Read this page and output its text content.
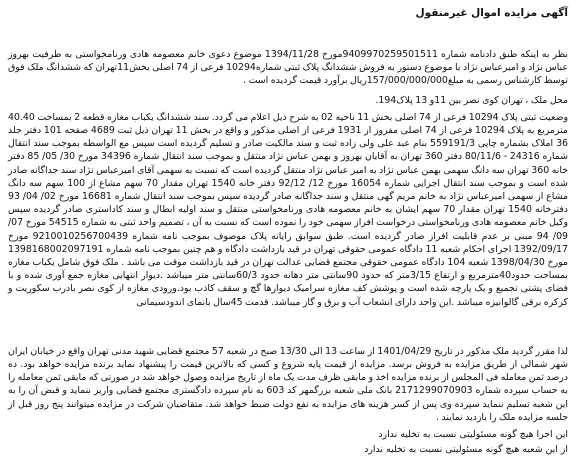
آگهی مزایده اموال غیرمنقول

نظر به اینکه طبق دادنامه شماره 9409970259501511مورخ 1394/11/28 موضوع دعوی خانم معصومه هادی ورنامخواستی به طرفیت بهروز عباس نژاد و امیرعباس نژاد با موضوع دستور به فروش ششدانگ پلاک ثبتی شماره10294 فرعی از 74 اصلی بخش11تهران که ششدانگ ملک فوق توسط کارشناس رسمی به مبلغ157/000/000/000ریال برآورد قیمت گردیده است .

محل ملک ، تهران کوی نصر بین 11و 13 پلاک194.

وضعیت ثبتی پلاک 10294 فرعی از 74 اصلی بخش 11 ناحیه 02 به شرح ذیل اعلام می گردد. سند ششدانگ یکباب مغازه قطعه 2 بمساحت 40.40 مترمربع به پلاک 10294 فرعی از 74 اصلی مفروز از 1931 فرعی از اصلی مذکور و واقع در بخش 11 تهران ذیل ثبت 4689 صفحه 101 دفتر جلد 36 املاک بشماره چاپی 559191/3 بنام عبد علی ولی زاده ثبت و سند مالکیت صادر و تسلیم گردیده است سپس مع الواسطه بموجب سند انتقال شماره 24316 - 80/11/6 دفتر 360 تهران به آقایان بهروز و بهمن عباس نژاد منتقل و بموجب سند انتقال شماره 34396 مورخ 30/ 05/ 85 دفتر خانه 360 تهران سه دانگ سهمی بهمن عباس نژاد به امیر عباس نژاد منتقل گردیده است که نسبت به سهمی آقای امیرعباس نژاد سند جداگانه صادر شده است و بموجب سند انتقال اجرایی شماره 16054 مورخ 12/ 92/12 دفتر خانه 1540 تهران مقدار 70 سهم مشاع از 100 سهم سه دانگ مشاع از سهمی امیرعباس نژاد به خانم مریم گهی منتقل و سند جداگانه صادر گردیده سپس بموجب سند انتقال شماره 16681 مورخ 02/ 04/ 93 دفترخانه 1540 تهران مقدار 70 سهم ایشان به خانم معصومه هادی ورنامخواستی منتقل و سند اولیه ابطال و سند کاداستری صادر گردیده سپس وکیل خانم معصومه هادی ورنامخواستی درخواست افراز سهمی خود را نموده است که نسبت به آن ، تصمیم واحد ثبتی به شماره 54515 مورخ 07/ 09/ 94 مبنی بر عدم قابلیت افراز صادر گردیده است. طبق سوابق رایانه پلاک موصوف بموجب نامه شماره 9210010256700439 مورخ 1392/09/17 اجرای احکام شعبه 11 دادگاه عمومی حقوقی تهران در قید بازداشت دادگاه و هم چنین بموجب نامه شماره 1398168002097191 مورخ 1398/04/30 شعبه 104 دادگاه عمومی حقوقی مجتمع قضایی عدالت تهران در قید بازداشت موقت می باشد . ملک فوق شامل یکباب مغازه بمساحت حدود40مترمربع و ارتفاع 3/15متر که حدود 90سانتی متر دهانه حدود 60/3سانتی متر میباشد .دیوار انتهایی مغازه جمع آوری شده و با فضای پشتی تجمیع و یک پارچه شده است و پوشش کف مغازه سرامیک دیوارها گچ و سقف کاذب بود.ورودی مغازه از کوی نصر بادرب سکوریت و کرکره برقی گالوانیزه میباشد .این واحد دارای انشعاب آب و برق و گاز میباشد. قدمت 45سال بانمای اندودسیمانی

لذا مقرر گردید ملک مذکور در تاریخ 1401/04/29 از ساعت 13 الی 13/30 صبح در شعبه 57 مجتمع قضایی شهید مدنی تهران واقع در خیابان ایران شهر شمالی از طریق مزایده به فروش برسد. مزایده از قیمت پایه شروع و کسی که بالاترین قیمت را پیشنهاد نماید برنده مزایده خواهد بود. ده درصد ثمن معامله فی المجلس از برنده مزایده اخذ و مابقی ظرف مدت یک ماه از تاریخ مزایده وصول خواهد شد در صورتی که مابقی ثمن معامله را به حساب سپرده شماره 2171299070903 بانک ملی شعبه بزرگمهر کد 603 به نام سپرده دادگستری مجتمع قضایی واریز ننماید و قبض آن را به این شعبه تسلیم ننماید سپرده وی پس از کسر هزینه های مزایده به نفع دولت ضبط خواهد شد. متقاضیان شرکت در مزایده میتوانند پنج روز قبل از جلسه مزایده ملک را بازدید نمایند .

این اجرا هیچ گونه مسئولیتی نسبت به تخلیه ندارد

از این شعبه هیچ گونه مسئولیتی نسبت به تخلیه ندارد
